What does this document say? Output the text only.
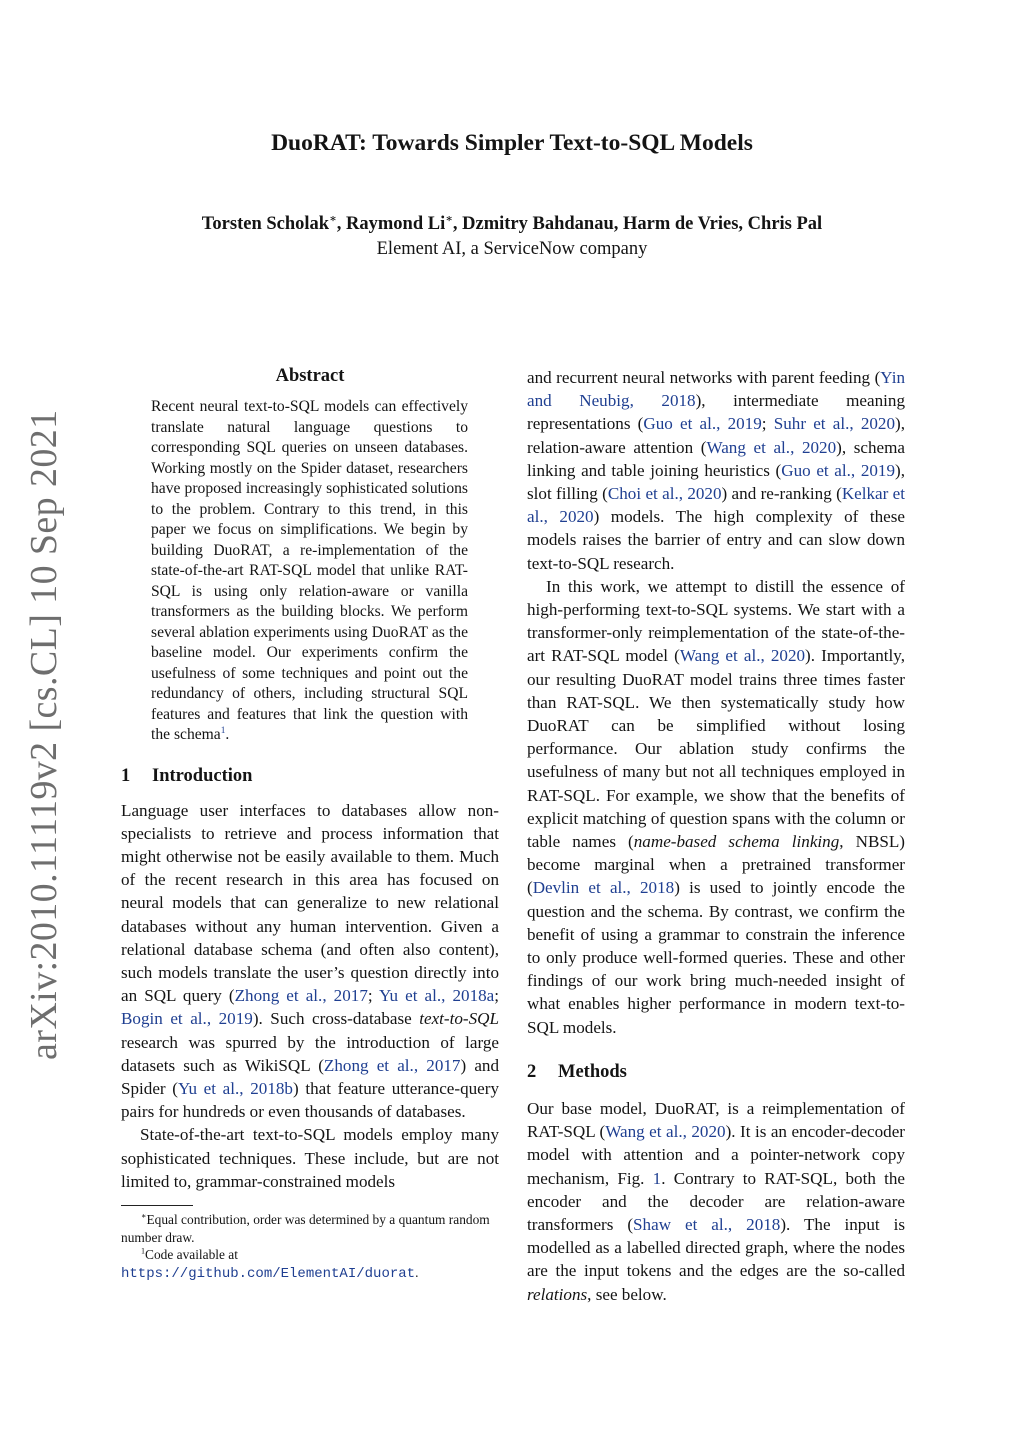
DuoRAT: Towards Simpler Text-to-SQL Models

Torsten Scholak∗, Raymond Li∗, Dzmitry Bahdanau, Harm de Vries, Chris Pal

Element AI, a ServiceNow company

arXiv:2010.11119v2 [cs.CL] 10 Sep 2021
Abstract

Recent neural text-to-SQL models can effectively translate natural language questions to corresponding SQL queries on unseen databases. Working mostly on the Spider dataset, researchers have proposed increasingly sophisticated solutions to the problem. Contrary to this trend, in this paper we focus on simplifications. We begin by building DuoRAT, a re-implementation of the state-of-the-art RAT-SQL model that unlike RAT-SQL is using only relation-aware or vanilla transformers as the building blocks. We perform several ablation experiments using DuoRAT as the baseline model. Our experiments confirm the usefulness of some techniques and point out the redundancy of others, including structural SQL features and features that link the question with the schema$^1$.

1 Introduction

Language user interfaces to databases allow non-specialists to retrieve and process information that might otherwise not be easily available to them. Much of the recent research in this area has focused on neural models that can generalize to new relational databases without any human intervention. Given a relational database schema (and often also content), such models translate the user’s question directly into an SQL query (Zhong et al., 2017; Yu et al., 2018a; Bogin et al., 2019). Such cross-database text-to-SQL research was spurred by the introduction of large datasets such as WikiSQL (Zhong et al., 2017) and Spider (Yu et al., 2018b) that feature utterance-query pairs for hundreds or even thousands of databases.

State-of-the-art text-to-SQL models employ many sophisticated techniques. These include, but are not limited to, grammar-constrained models

∗Equal contribution, order was determined by a quantum random number draw.

$^1$Code available at https://github.com/ElementAI/duorat.

and recurrent neural networks with parent feeding (Yin and Neubig, 2018), intermediate meaning representations (Guo et al., 2019; Suhr et al., 2020), relation-aware attention (Wang et al., 2020), schema linking and table joining heuristics (Guo et al., 2019), slot filling (Choi et al., 2020) and re-ranking (Kelkar et al., 2020) models. The high complexity of these models raises the barrier of entry and can slow down text-to-SQL research.

In this work, we attempt to distill the essence of high-performing text-to-SQL systems. We start with a transformer-only reimplementation of the state-of-the-art RAT-SQL model (Wang et al., 2020). Importantly, our resulting DuoRAT model trains three times faster than RAT-SQL. We then systematically study how DuoRAT can be simplified without losing performance. Our ablation study confirms the usefulness of many but not all techniques employed in RAT-SQL. For example, we show that the benefits of explicit matching of question spans with the column or table names (name-based schema linking, NBSL) become marginal when a pretrained transformer (Devlin et al., 2018) is used to jointly encode the question and the schema. By contrast, we confirm the benefit of using a grammar to constrain the inference to only produce well-formed queries. These and other findings of our work bring much-needed insight of what enables higher performance in modern text-to-SQL models.

2 Methods

Our base model, DuoRAT, is a reimplementation of RAT-SQL (Wang et al., 2020). It is an encoder-decoder model with attention and a pointer-network copy mechanism, Fig. 1. Contrary to RAT-SQL, both the encoder and the decoder are relation-aware transformers (Shaw et al., 2018). The input is modelled as a labelled directed graph, where the nodes are the input tokens and the edges are the so-called relations, see below.
